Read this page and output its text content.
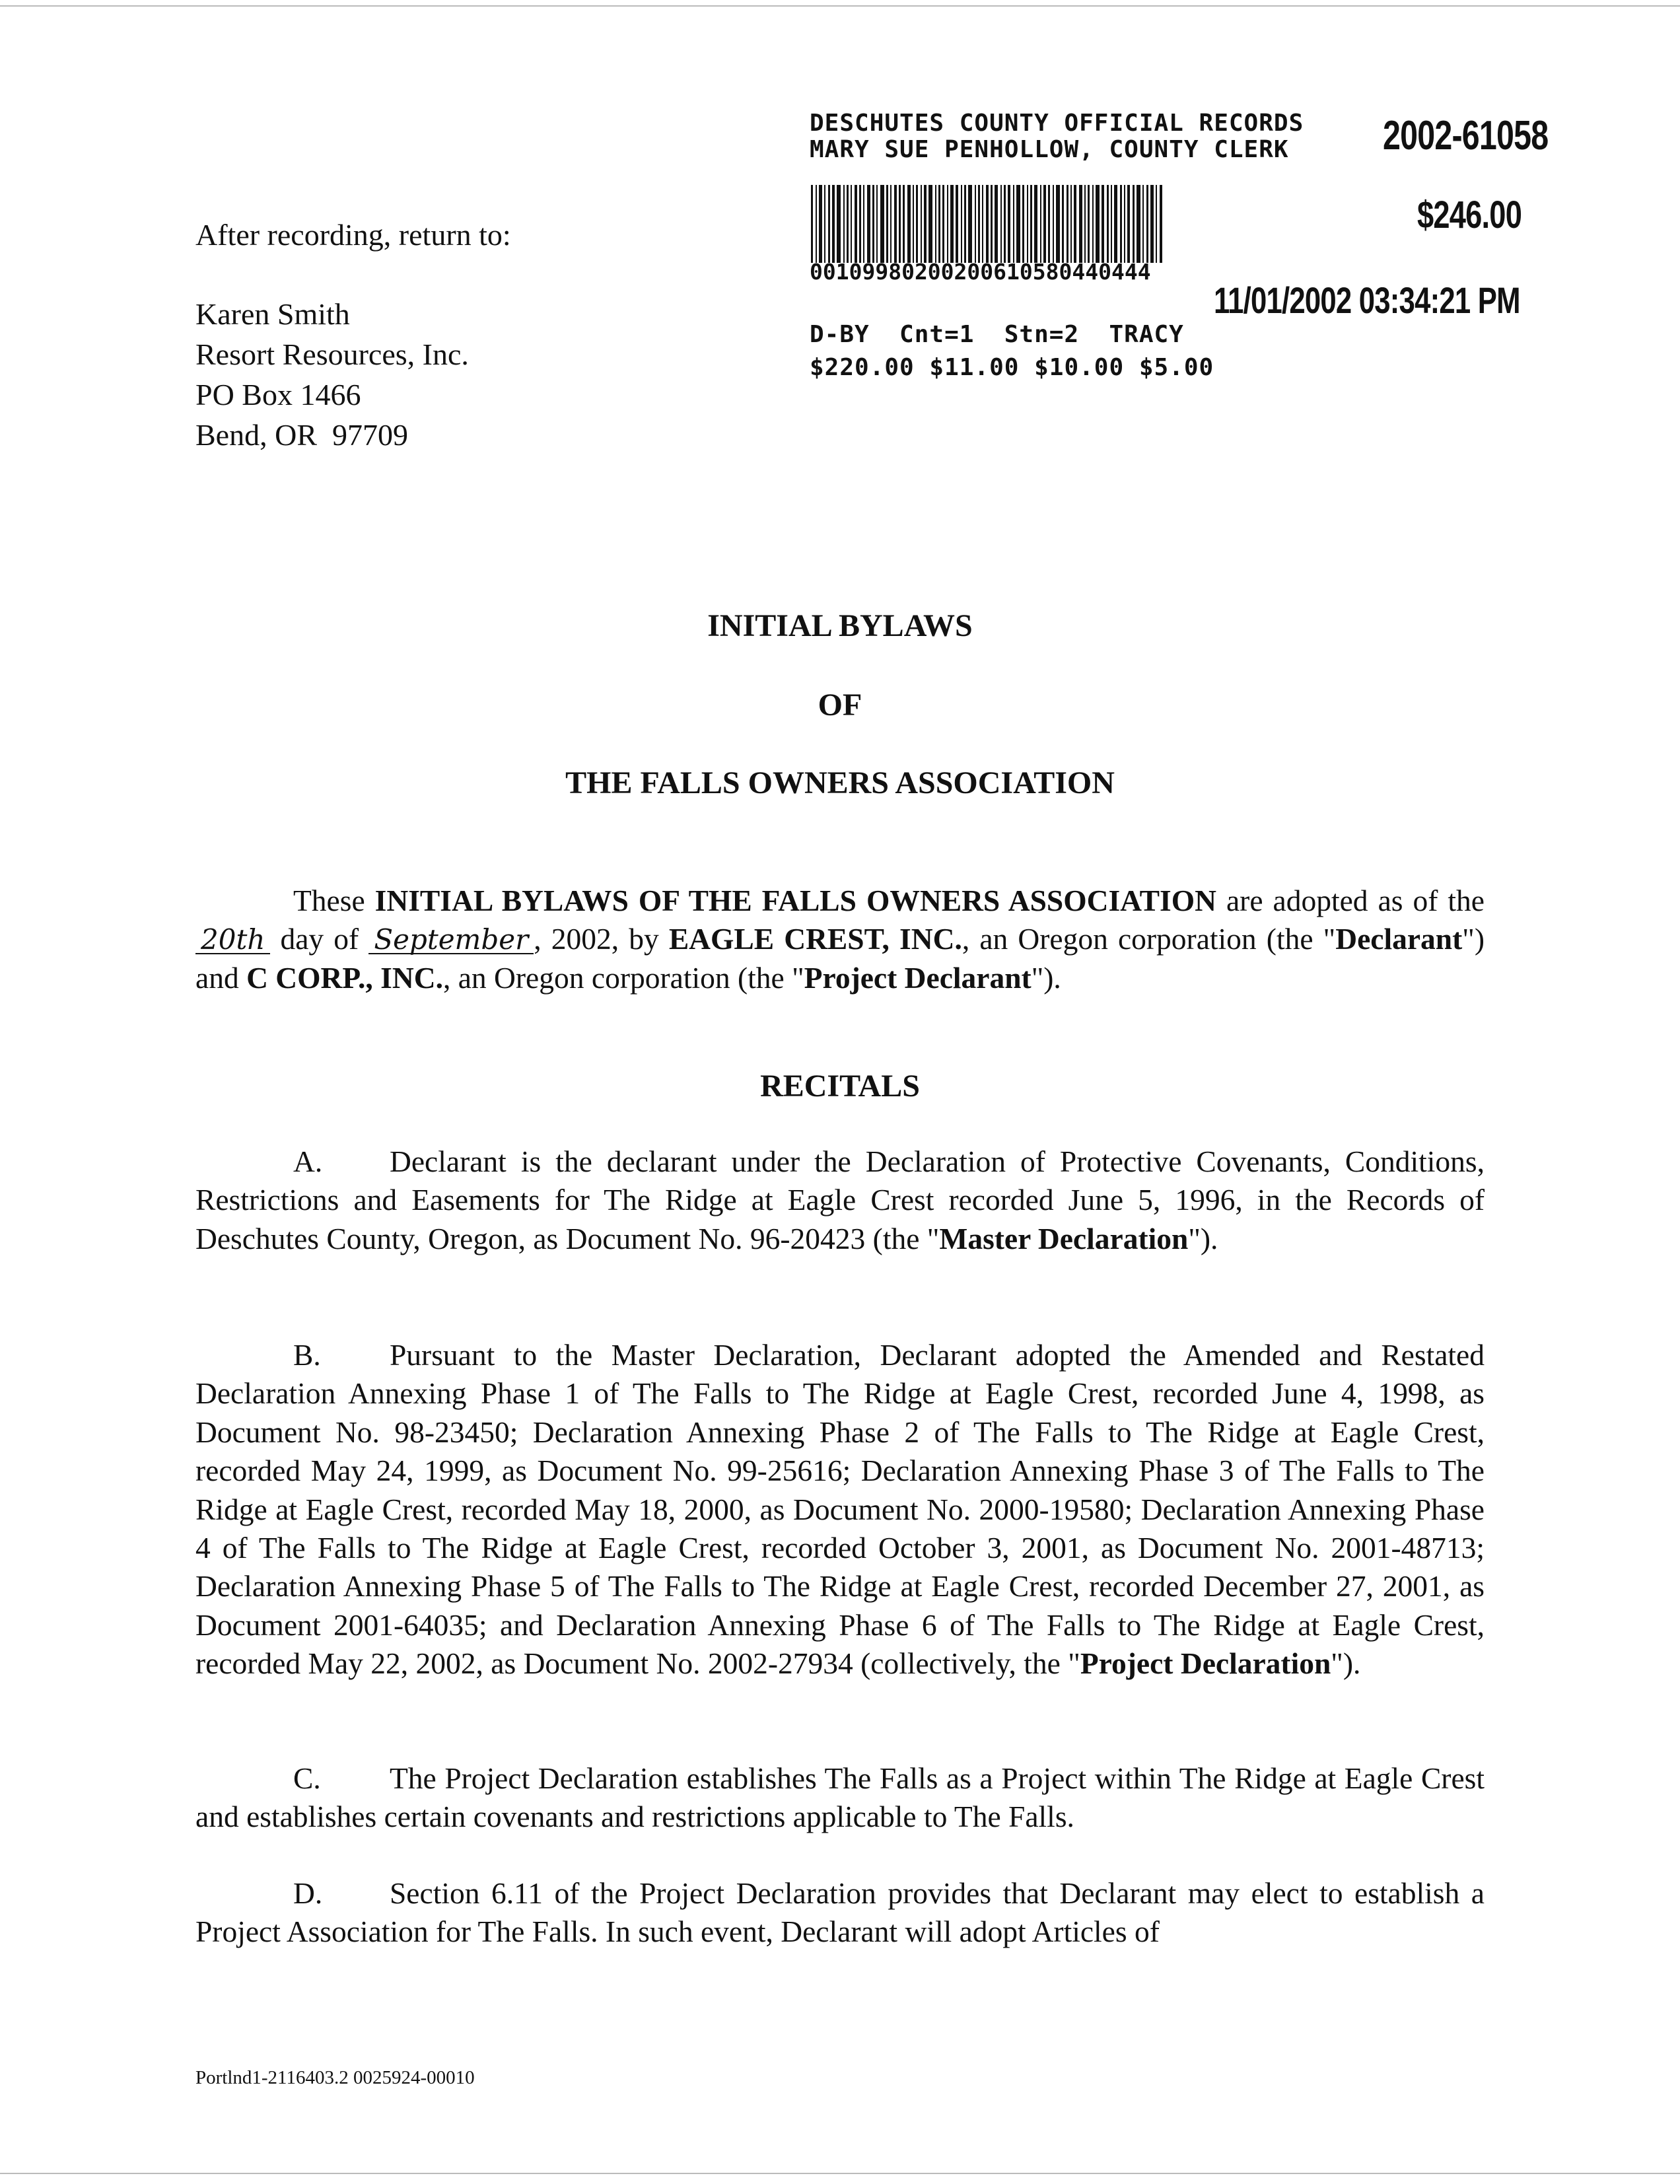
DESCHUTES COUNTY OFFICIAL RECORDS
MARY SUE PENHOLLOW, COUNTY CLERK 2002-61058
$246.00
00109980200200610580440444
11/01/2002 03:34:21 PM
D-BY  Cnt=1  Stn=2  TRACY
$220.00 $11.00 $10.00 $5.00
After recording, return to:
Karen Smith
Resort Resources, Inc.
PO Box 1466
Bend, OR  97709
INITIAL BYLAWS
OF
THE FALLS OWNERS ASSOCIATION
These INITIAL BYLAWS OF THE FALLS OWNERS ASSOCIATION are adopted as of the 20th day of September , 2002, by EAGLE CREST, INC., an Oregon corporation (the "Declarant") and C CORP., INC., an Oregon corporation (the "Project Declarant").
RECITALS
A. Declarant is the declarant under the Declaration of Protective Covenants, Conditions, Restrictions and Easements for The Ridge at Eagle Crest recorded June 5, 1996, in the Records of Deschutes County, Oregon, as Document No. 96-20423 (the "Master Declaration").
B. Pursuant to the Master Declaration, Declarant adopted the Amended and Restated Declaration Annexing Phase 1 of The Falls to The Ridge at Eagle Crest, recorded June 4, 1998, as Document No. 98-23450; Declaration Annexing Phase 2 of The Falls to The Ridge at Eagle Crest, recorded May 24, 1999, as Document No. 99-25616; Declaration Annexing Phase 3 of The Falls to The Ridge at Eagle Crest, recorded May 18, 2000, as Document No. 2000-19580; Declaration Annexing Phase 4 of The Falls to The Ridge at Eagle Crest, recorded October 3, 2001, as Document No. 2001-48713; Declaration Annexing Phase 5 of The Falls to The Ridge at Eagle Crest, recorded December 27, 2001, as Document 2001-64035; and Declaration Annexing Phase 6 of The Falls to The Ridge at Eagle Crest, recorded May 22, 2002, as Document No. 2002-27934 (collectively, the "Project Declaration").
C. The Project Declaration establishes The Falls as a Project within The Ridge at Eagle Crest and establishes certain covenants and restrictions applicable to The Falls.
D. Section 6.11 of the Project Declaration provides that Declarant may elect to establish a Project Association for The Falls. In such event, Declarant will adopt Articles of
Portlnd1-2116403.2 0025924-00010
